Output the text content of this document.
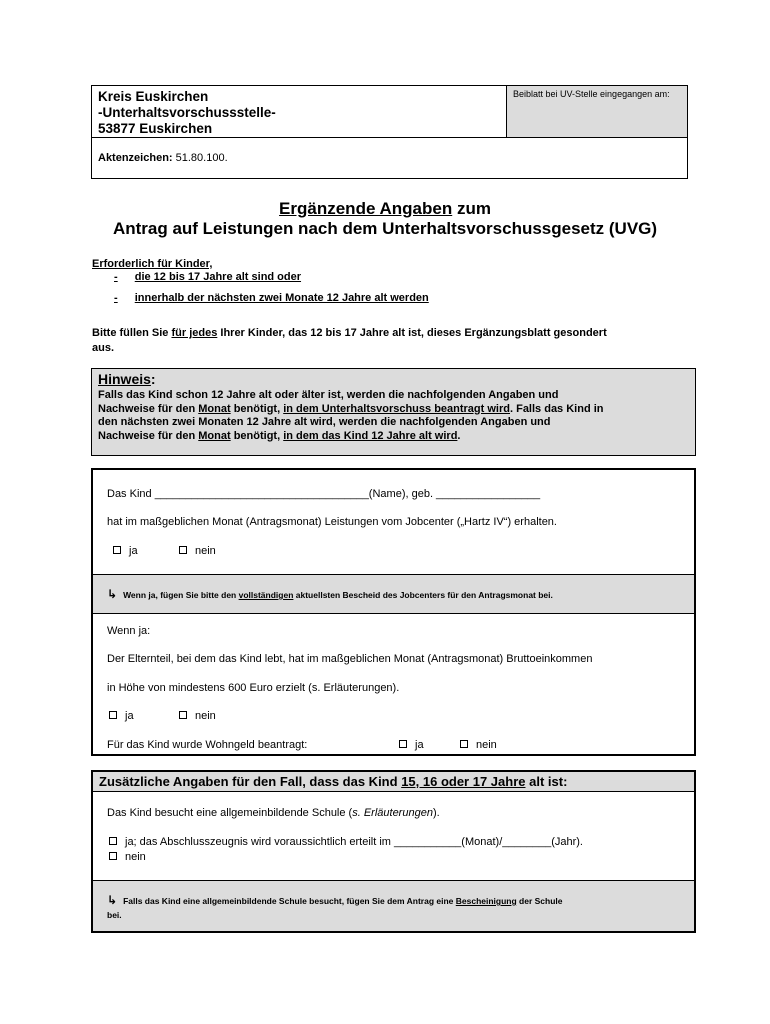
Kreis Euskirchen
-Unterhaltsvorschussstelle-
53877 Euskirchen
Beiblatt bei UV-Stelle eingegangen am:
Aktenzeichen: 51.80.100.
Ergänzende Angaben zum
Antrag auf Leistungen nach dem Unterhaltsvorschussgesetz (UVG)
Erforderlich für Kinder,
- die 12 bis 17 Jahre alt sind oder
- innerhalb der nächsten zwei Monate 12 Jahre alt werden
Bitte füllen Sie für jedes Ihrer Kinder, das 12 bis 17 Jahre alt ist, dieses Ergänzungsblatt gesondert
aus.
Hinweis:
Falls das Kind schon 12 Jahre alt oder älter ist, werden die nachfolgenden Angaben und
Nachweise für den Monat benötigt, in dem Unterhaltsvorschuss beantragt wird. Falls das Kind in
den nächsten zwei Monaten 12 Jahre alt wird, werden die nachfolgenden Angaben und
Nachweise für den Monat benötigt, in dem das Kind 12 Jahre alt wird.
Das Kind ___________________________________(Name), geb. _________________
hat im maßgeblichen Monat (Antragsmonat) Leistungen vom Jobcenter („Hartz IV“) erhalten.
ja	nein
↳ Wenn ja, fügen Sie bitte den vollständigen aktuellsten Bescheid des Jobcenters für den Antragsmonat bei.
Wenn ja:
Der Elternteil, bei dem das Kind lebt, hat im maßgeblichen Monat (Antragsmonat) Bruttoeinkommen
in Höhe von mindestens 600 Euro erzielt (s. Erläuterungen).
ja	nein
Für das Kind wurde Wohngeld beantragt:	ja	nein
Zusätzliche Angaben für den Fall, dass das Kind 15, 16 oder 17 Jahre alt ist:
Das Kind besucht eine allgemeinbildende Schule (s. Erläuterungen).
ja; das Abschlusszeugnis wird voraussichtlich erteilt im ___________(Monat)/________(Jahr).
nein
↳ Falls das Kind eine allgemeinbildende Schule besucht, fügen Sie dem Antrag eine Bescheinigung der Schule
bei.
